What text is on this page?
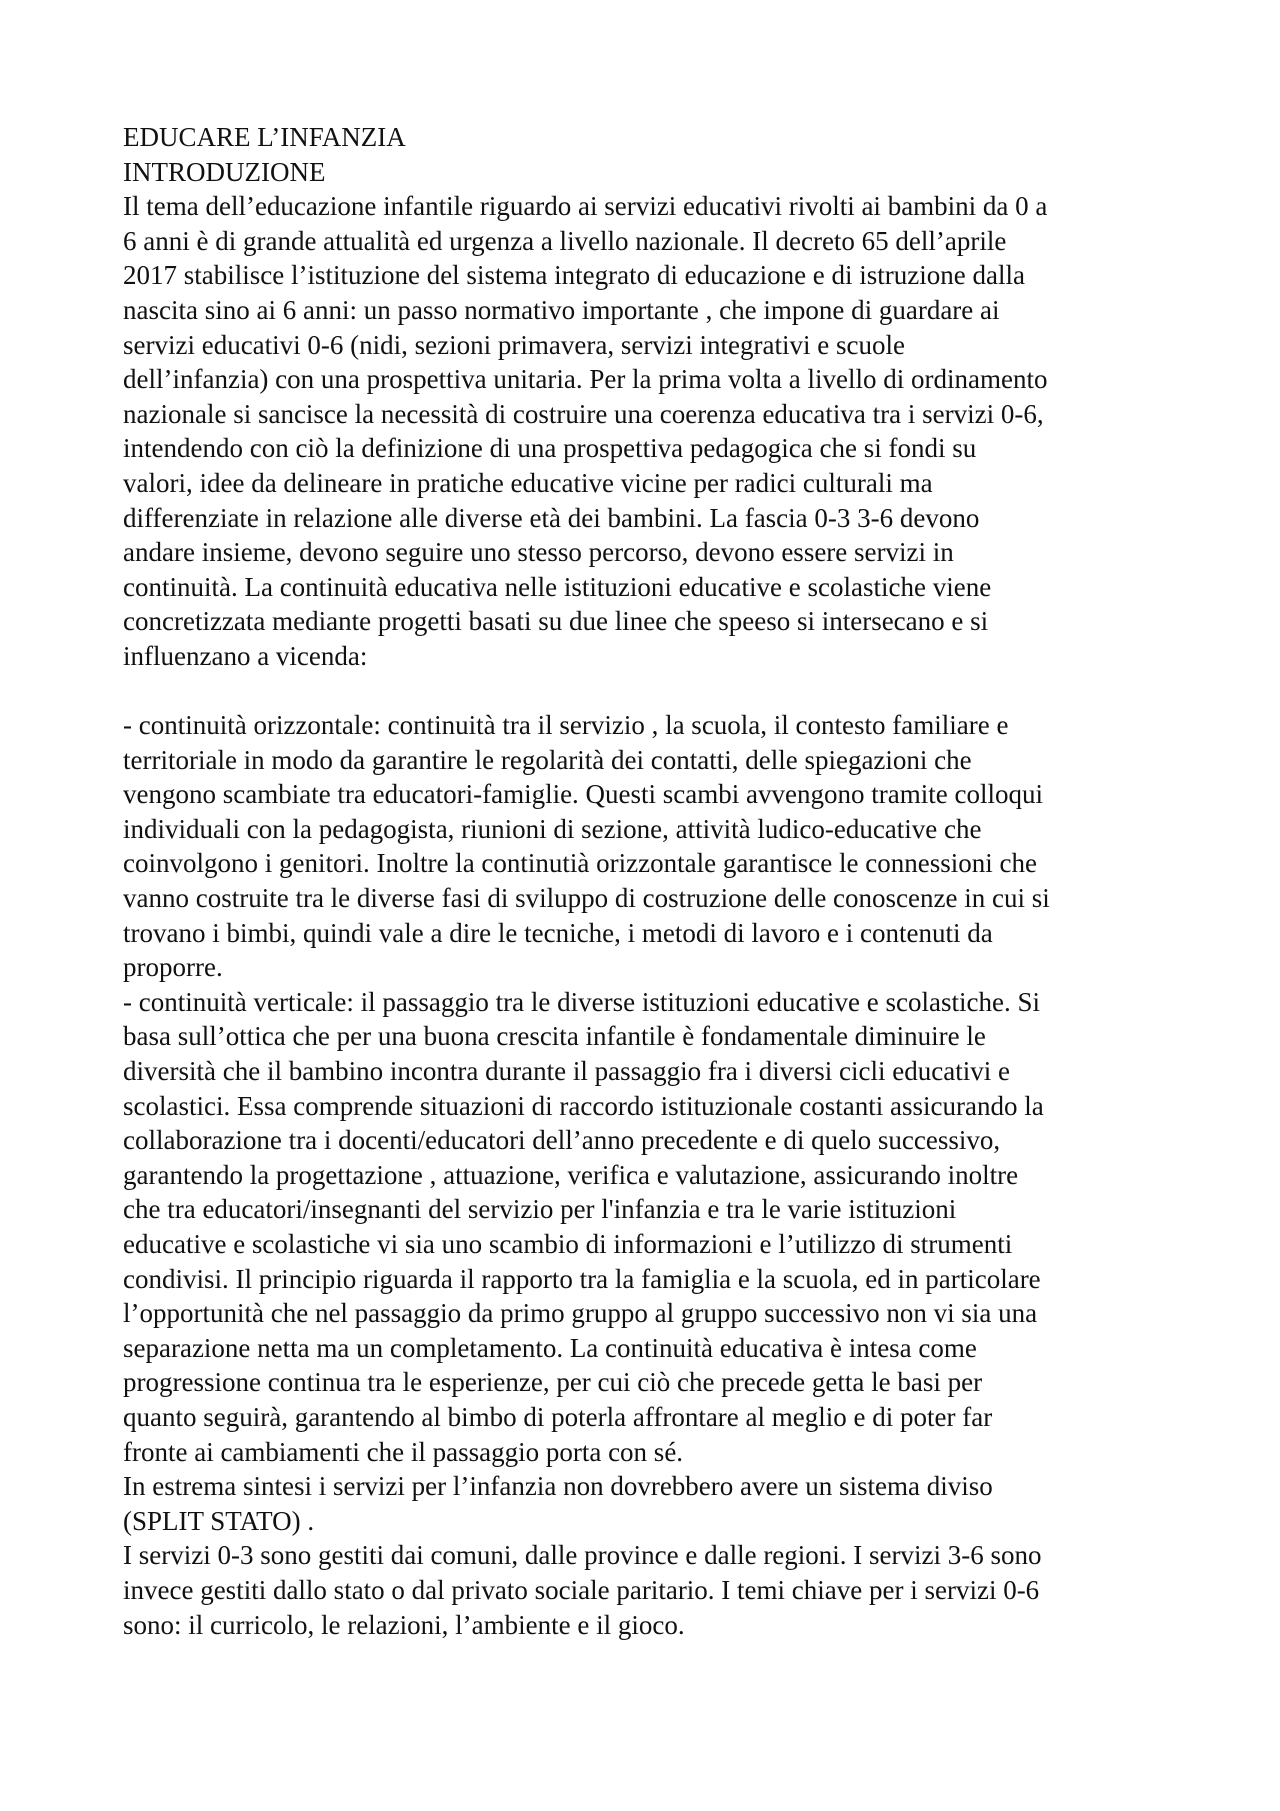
EDUCARE L’INFANZIA
INTRODUZIONE
Il tema dell’educazione infantile riguardo ai servizi educativi rivolti ai bambini da 0 a
6 anni è di grande attualità ed urgenza a livello nazionale. Il decreto 65 dell’aprile
2017 stabilisce l’istituzione del sistema integrato di educazione e di istruzione dalla
nascita sino ai 6 anni: un passo normativo importante , che impone di guardare ai
servizi educativi 0-6 (nidi, sezioni primavera, servizi integrativi e scuole
dell’infanzia) con una prospettiva unitaria. Per la prima volta a livello di ordinamento
nazionale si sancisce la necessità di costruire una coerenza educativa tra i servizi 0-6,
intendendo con ciò la definizione di una prospettiva pedagogica che si fondi su
valori, idee da delineare in pratiche educative vicine per radici culturali ma
differenziate in relazione alle diverse età dei bambini. La fascia 0-3 3-6 devono
andare insieme, devono seguire uno stesso percorso, devono essere servizi in
continuità. La continuità educativa nelle istituzioni educative e scolastiche viene
concretizzata mediante progetti basati su due linee che speeso si intersecano e si
influenzano a vicenda:
- continuità orizzontale: continuità tra il servizio , la scuola, il contesto familiare e
territoriale in modo da garantire le regolarità dei contatti, delle spiegazioni che
vengono scambiate tra educatori-famiglie. Questi scambi avvengono tramite colloqui
individuali con la pedagogista, riunioni di sezione, attività ludico-educative che
coinvolgono i genitori. Inoltre la continutià orizzontale garantisce le connessioni che
vanno costruite tra le diverse fasi di sviluppo di costruzione delle conoscenze in cui si
trovano i bimbi, quindi vale a dire le tecniche, i metodi di lavoro e i contenuti da
proporre.
- continuità verticale: il passaggio tra le diverse istituzioni educative e scolastiche. Si
basa sull’ottica che per una buona crescita infantile è fondamentale diminuire le
diversità che il bambino incontra durante il passaggio fra i diversi cicli educativi e
scolastici. Essa comprende situazioni di raccordo istituzionale costanti assicurando la
collaborazione tra i docenti/educatori dell’anno precedente e di quelo successivo,
garantendo la progettazione , attuazione, verifica e valutazione, assicurando inoltre
che tra educatori/insegnanti del servizio per l'infanzia e tra le varie istituzioni
educative e scolastiche vi sia uno scambio di informazioni e l’utilizzo di strumenti
condivisi. Il principio riguarda il rapporto tra la famiglia e la scuola, ed in particolare
l’opportunità che nel passaggio da primo gruppo al gruppo successivo non vi sia una
separazione netta ma un completamento. La continuità educativa è intesa come
progressione continua tra le esperienze, per cui ciò che precede getta le basi per
quanto seguirà, garantendo al bimbo di poterla affrontare al meglio e di poter far
fronte ai cambiamenti che il passaggio porta con sé.
In estrema sintesi i servizi per l’infanzia non dovrebbero avere un sistema diviso
(SPLIT STATO) .
I servizi 0-3 sono gestiti dai comuni, dalle province e dalle regioni. I servizi 3-6 sono
invece gestiti dallo stato o dal privato sociale paritario. I temi chiave per i servizi 0-6
sono: il curricolo, le relazioni, l’ambiente e il gioco.
